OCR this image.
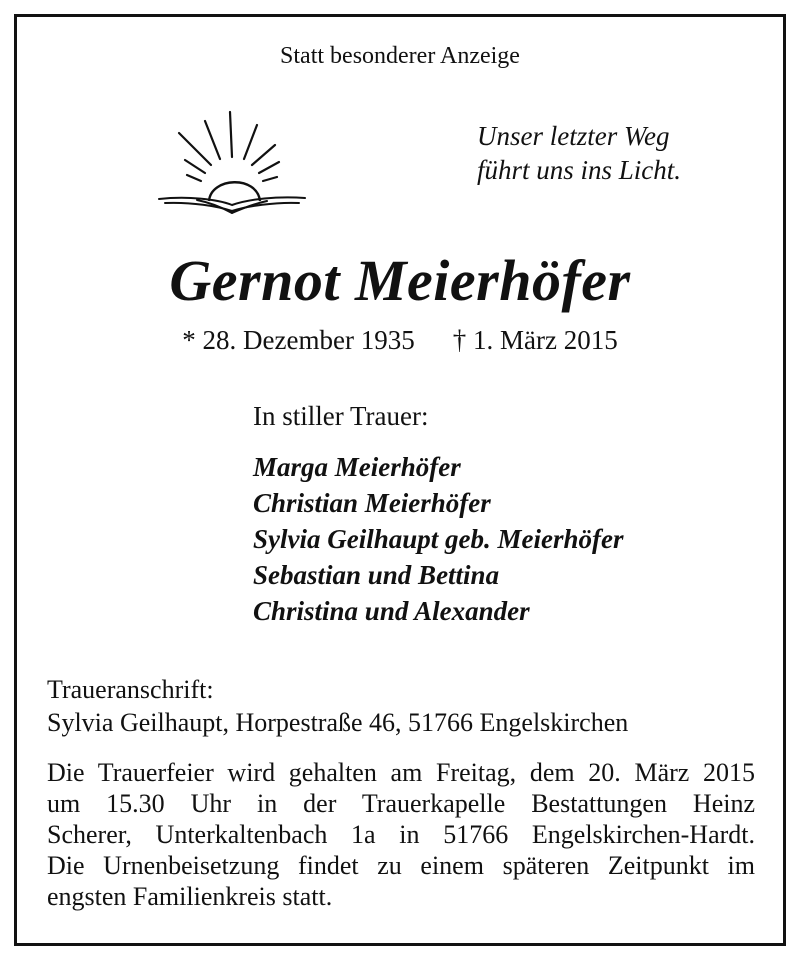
Statt besonderer Anzeige
Unser letzter Weg
führt uns ins Licht.
Gernot Meierhöfer
* 28. Dezember 1935 † 1. März 2015
In stiller Trauer:
Marga Meierhöfer
Christian Meierhöfer
Sylvia Geilhaupt geb. Meierhöfer
Sebastian und Bettina
Christina und Alexander
Traueranschrift:
Sylvia Geilhaupt, Horpestraße 46, 51766 Engelskirchen
Die Trauerfeier wird gehalten am Freitag, dem 20. März 2015
um 15.30 Uhr in der Trauerkapelle Bestattungen Heinz
Scherer, Unterkaltenbach 1a in 51766 Engelskirchen-Hardt.
Die Urnenbeisetzung findet zu einem späteren Zeitpunkt im
engsten Familienkreis statt.
